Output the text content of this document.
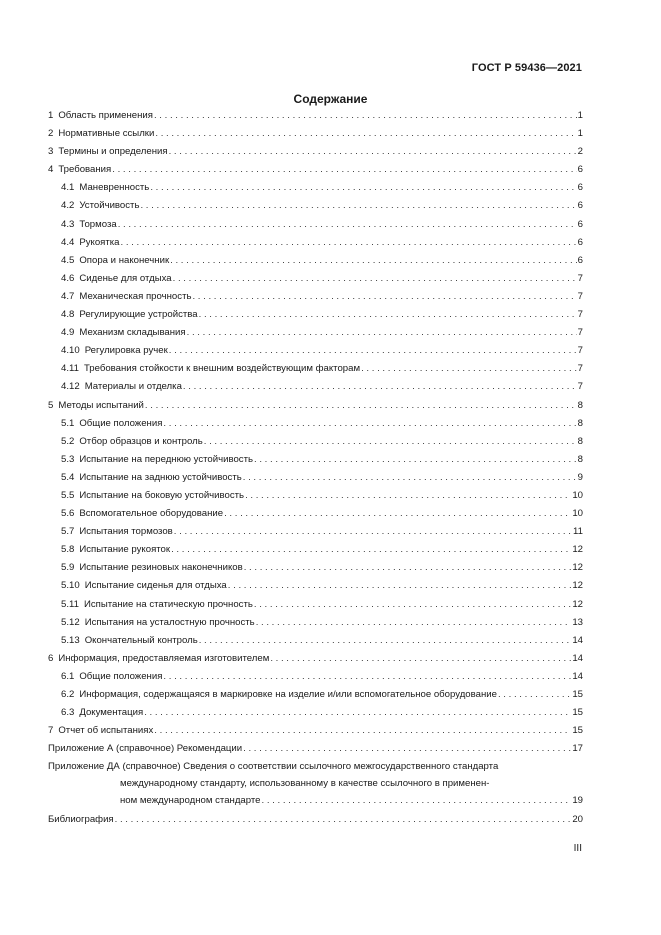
ГОСТ Р 59436—2021
Содержание
1 Область применения . . .	1
2 Нормативные ссылки . . .	1
3 Термины и определения . . .	2
4 Требования . . .	6
4.1 Маневренность . . .	6
4.2 Устойчивость . . .	6
4.3 Тормоза . . .	6
4.4 Рукоятка . . .	6
4.5 Опора и наконечник . . .	6
4.6 Сиденье для отдыха . . .	7
4.7 Механическая прочность . . .	7
4.8 Регулирующие устройства . . .	7
4.9 Механизм складывания . . .	7
4.10 Регулировка ручек . . .	7
4.11 Требования стойкости к внешним воздействующим факторам . . .	7
4.12 Материалы и отделка . . .	7
5 Методы испытаний . . .	8
5.1 Общие положения . . .	8
5.2 Отбор образцов и контроль . . .	8
5.3 Испытание на переднюю устойчивость . . .	8
5.4 Испытание на заднюю устойчивость . . .	9
5.5 Испытание на боковую устойчивость . . .	10
5.6 Вспомогательное оборудование . . .	10
5.7 Испытания тормозов . . .	11
5.8 Испытание рукояток . . .	12
5.9 Испытание резиновых наконечников . . .	12
5.10 Испытание сиденья для отдыха . . .	12
5.11 Испытание на статическую прочность . . .	12
5.12 Испытания на усталостную прочность . . .	13
5.13 Окончательный контроль . . .	14
6 Информация, предоставляемая изготовителем . . .	14
6.1 Общие положения . . .	14
6.2 Информация, содержащаяся в маркировке на изделие и/или вспомогательное оборудование . . .	15
6.3 Документация . . .	15
7 Отчет об испытаниях . . .	15
Приложение А (справочное) Рекомендации . . .	17
Приложение ДА (справочное) Сведения о соответствии ссылочного межгосударственного стандарта
международному стандарту, использованному в качестве ссылочного в применен-
ном международном стандарте . . .	19
Библиография . . .	20
III
